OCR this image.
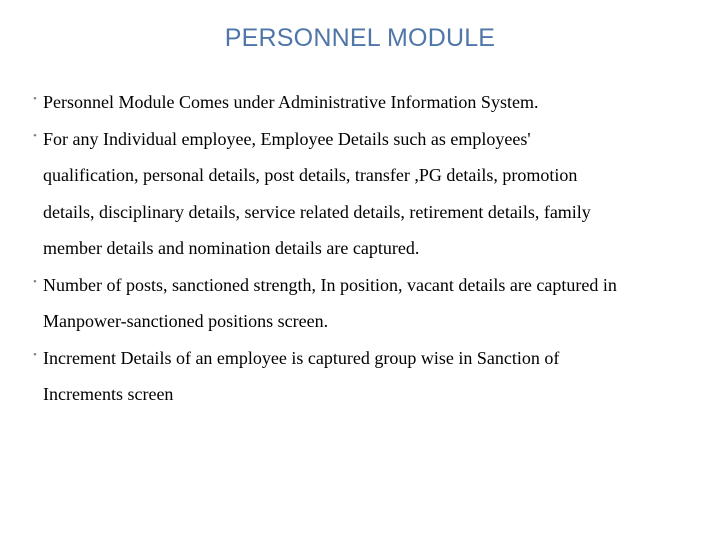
PERSONNEL MODULE
• Personnel Module Comes under Administrative Information System.
• For any Individual employee, Employee Details such as employees'
qualification, personal details, post details, transfer ,PG details, promotion
details, disciplinary details, service related details, retirement details, family
member details and nomination details are captured.
• Number of posts, sanctioned strength, In position, vacant details are captured in
Manpower-sanctioned positions screen.
• Increment Details of an employee is captured group wise in Sanction of
Increments screen
